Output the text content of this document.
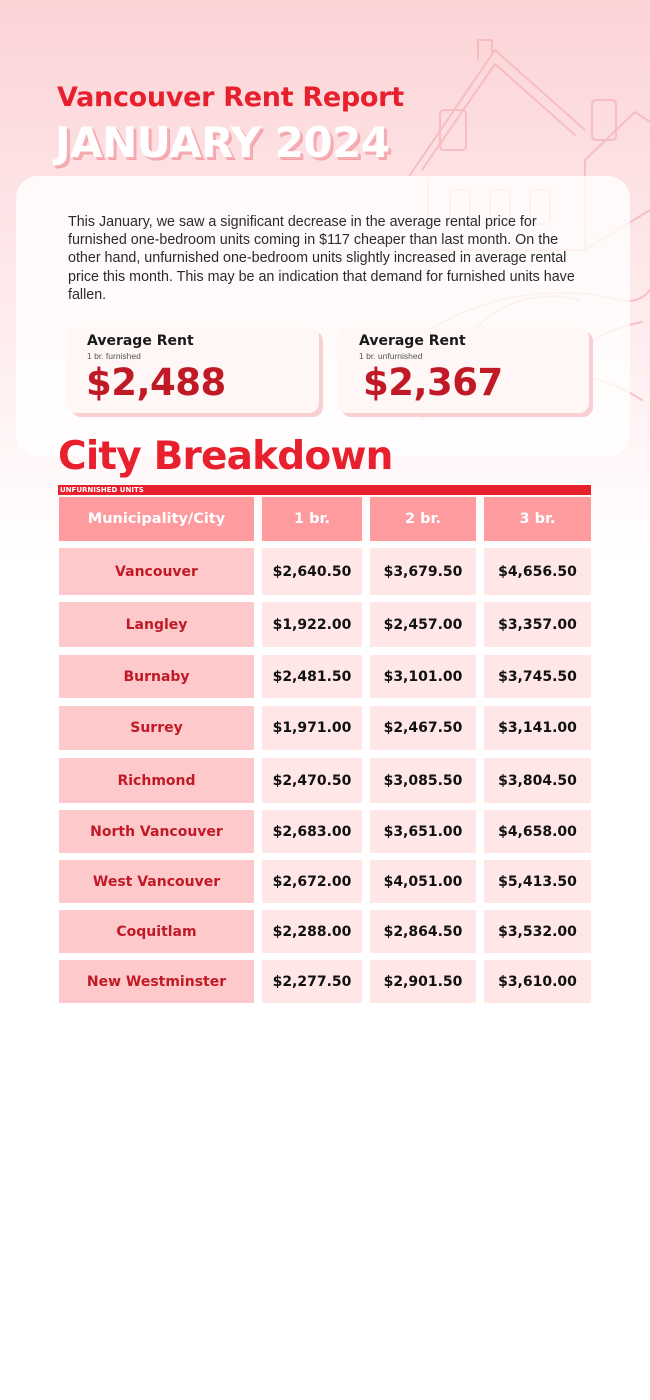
Vancouver Rent Report
JANUARY 2024

This January, we saw a significant decrease in the average rental price for furnished one-bedroom units coming in $117 cheaper than last month. On the other hand, unfurnished one-bedroom units slightly increased in average rental price this month. This may be an indication that demand for furnished units have fallen.

Average Rent
1 br. furnished
$2,488
Average Rent
1 br. unfurnished
$2,367
City Breakdown
UNFURNISHED UNITS
Municipality/City	1 br.	2 br.	3 br.
Vancouver	$2,640.50	$3,679.50	$4,656.50
Langley	$1,922.00	$2,457.00	$3,357.00
Burnaby	$2,481.50	$3,101.00	$3,745.50
Surrey	$1,971.00	$2,467.50	$3,141.00
Richmond	$2,470.50	$3,085.50	$3,804.50
North Vancouver	$2,683.00	$3,651.00	$4,658.00
West Vancouver	$2,672.00	$4,051.00	$5,413.50
Coquitlam	$2,288.00	$2,864.50	$3,532.00
New Westminster	$2,277.50	$2,901.50	$3,610.00
